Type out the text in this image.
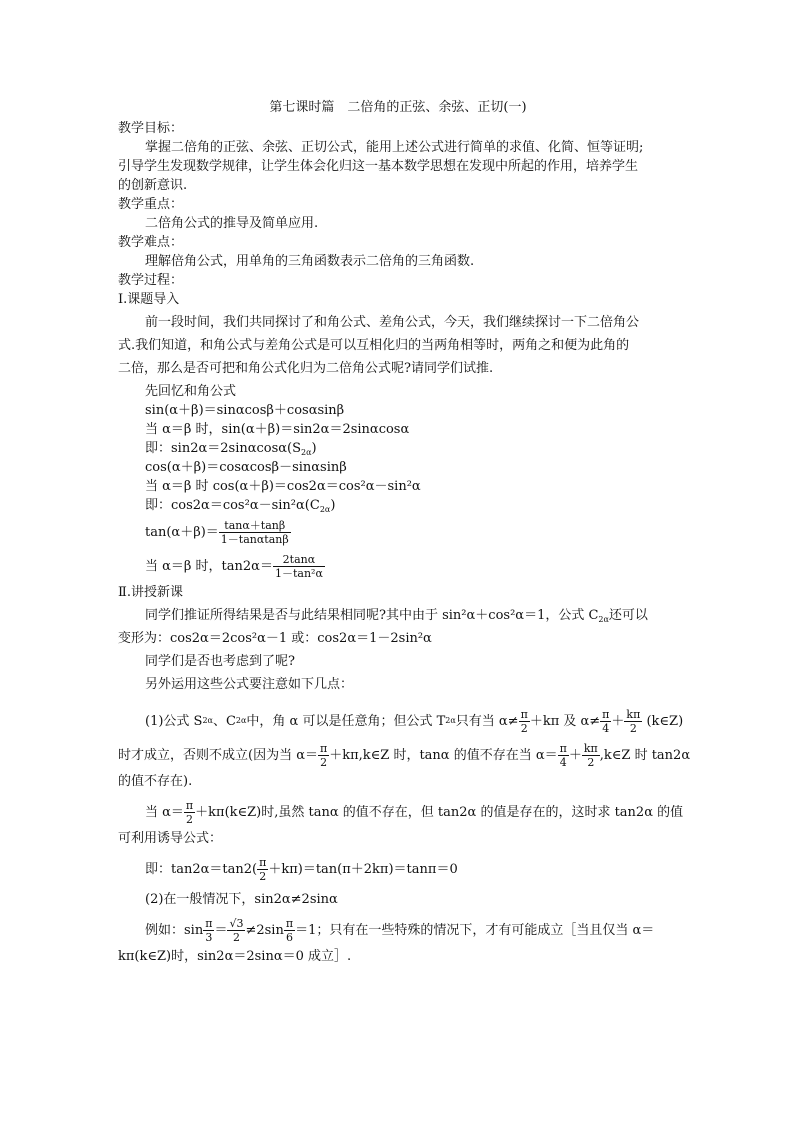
第七课时篇　二倍角的正弦、余弦、正切(一)
教学目标：
掌握二倍角的正弦、余弦、正切公式，能用上述公式进行简单的求值、化简、恒等证明;
引导学生发现数学规律，让学生体会化归这一基本数学思想在发现中所起的作用，培养学生
的创新意识.
教学重点：
二倍角公式的推导及简单应用.
教学难点：
理解倍角公式，用单角的三角函数表示二倍角的三角函数.
教学过程：
Ⅰ.课题导入
前一段时间，我们共同探讨了和角公式、差角公式，今天，我们继续探讨一下二倍角公
式.我们知道，和角公式与差角公式是可以互相化归的当两角相等时，两角之和便为此角的
二倍，那么是否可把和角公式化归为二倍角公式呢?请同学们试推.
先回忆和角公式
sin(α＋β)＝sinαcosβ＋cosαsinβ
当 α＝β 时，sin(α＋β)＝sin2α＝2sinαcosα
即：$\sin 2\alpha=2\sin\alpha\cos\alpha(S_{2\alpha})$
cos(α＋β)＝cosαcosβ－sinαsinβ
当 α＝β 时 cos(α＋β)＝cos2α＝cos²α－sin²α
即：$\cos 2\alpha=\cos^2\alpha-\sin^2\alpha(C_{2\alpha})$
$\tan(\alpha+\beta)= \frac{\tan\alpha+\tan\beta}{1-\tan\alpha\tan\beta}$
当 α＝β 时，$\tan 2\alpha= \frac{2\tan\alpha}{\text{1－tan²α}}$
Ⅱ.讲授新课
同学们推证所得结果是否与此结果相同呢?其中由于 sin²α＋cos²α＝1，公式 $C_{2\alpha}$还可以
变形为：cos2α＝2cos²α－1 或：cos2α＝1－2sin²α
同学们是否也考虑到了呢?
另外运用这些公式要注意如下几点：
(1)公式 S 2α 、C 2α 中，角 α 可以是任意角；但公式 T 2α 只有当 $\alpha\ne \frac{\pi}{2} +k\pi$ 及 $\alpha\ne \frac{\pi}{4} + \frac{k\pi}{2}$
(k∈Z)
时才成立，否则不成立(因为当 $\alpha= \frac{\pi}{2}$ ＋kπ,k∈Z 时，tanα 的值不存在当 $\alpha= \frac{\pi}{4} + \frac{k\pi}{2}$ ,k∈Z 时 tan2α
的值不存在).
当 $\alpha= \frac{\pi}{2}$ ＋kπ(k∈Z)时,虽然 tanα 的值不存在，但 tan2α 的值是存在的，这时求 tan2α 的值
可利用诱导公式：
即：$\tan 2\alpha=\tan 2( \frac{\pi}{2} +k\pi)=\tan(\pi+2k\pi)=\tan\pi=0$
(2)在一般情况下，sin2α≠2sinα
例如：$\sin \frac{\pi}{3} = \frac{√3}{2} \ne 2\sin \frac{\pi}{6} =1$；只有在一些特殊的情况下，才有可能成立［当且仅当 α＝
kπ(k∈Z)时，sin2α＝2sinα＝0 成立］.
